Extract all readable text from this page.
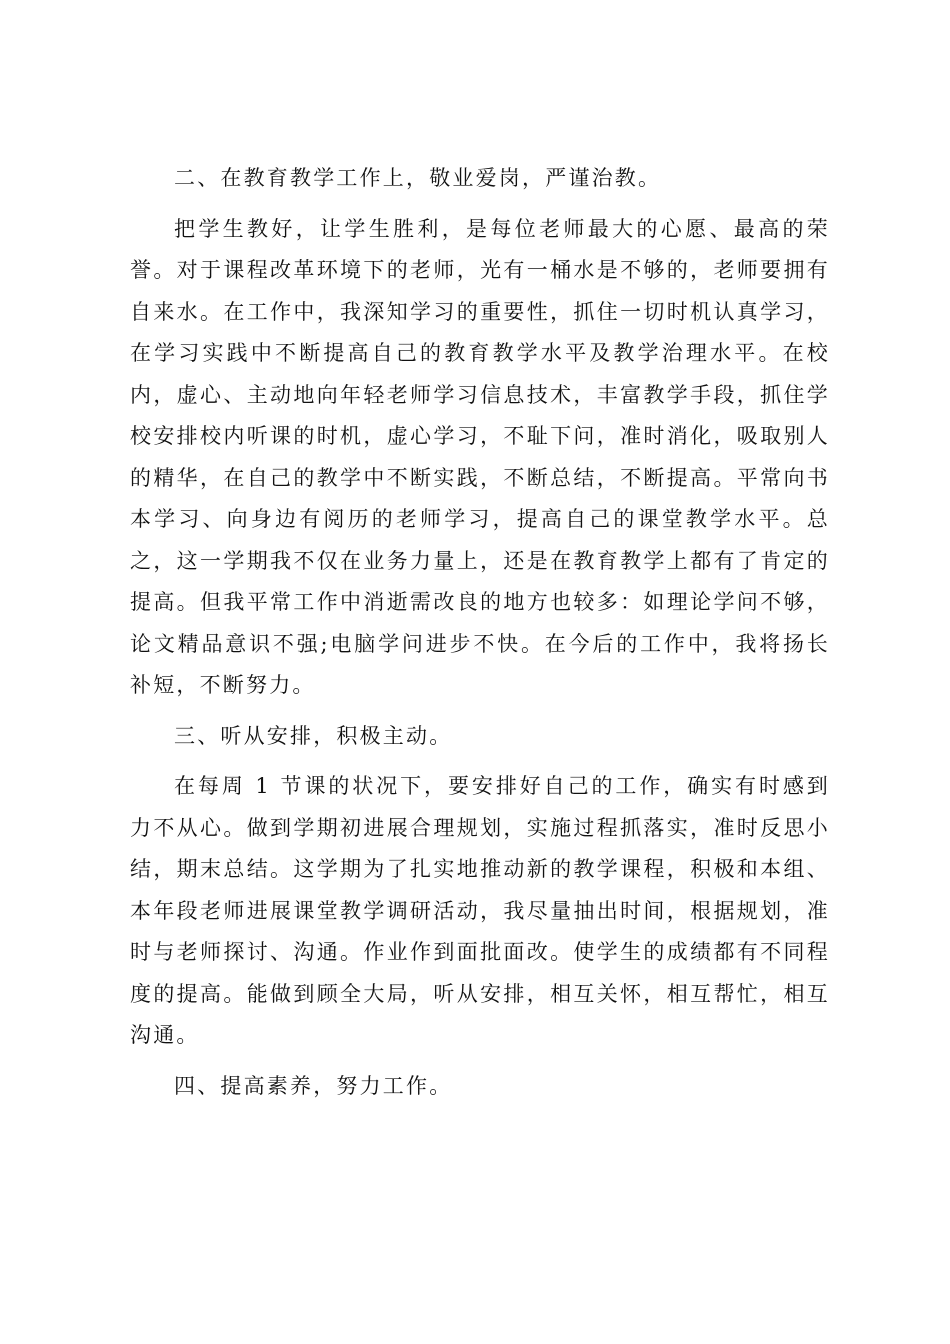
二、在教育教学工作上，敬业爱岗，严谨治教。

把学生教好，让学生胜利，是每位老师最大的心愿、最高的荣誉。对于课程改革环境下的老师，光有一桶水是不够的，老师要拥有自来水。在工作中，我深知学习的重要性，抓住一切时机认真学习，在学习实践中不断提高自己的教育教学水平及教学治理水平。在校内，虚心、主动地向年轻老师学习信息技术，丰富教学手段，抓住学校安排校内听课的时机，虚心学习，不耻下问，准时消化，吸取别人的精华，在自己的教学中不断实践，不断总结，不断提高。平常向书本学习、向身边有阅历的老师学习，提高自己的课堂教学水平。总之，这一学期我不仅在业务力量上，还是在教育教学上都有了肯定的提高。但我平常工作中消逝需改良的地方也较多：如理论学问不够，论文精品意识不强;电脑学问进步不快。在今后的工作中，我将扬长补短，不断努力。

三、听从安排，积极主动。

在每周 1 节课的状况下，要安排好自己的工作，确实有时感到力不从心。做到学期初进展合理规划，实施过程抓落实，准时反思小结，期末总结。这学期为了扎实地推动新的教学课程，积极和本组、本年段老师进展课堂教学调研活动，我尽量抽出时间，根据规划，准时与老师探讨、沟通。作业作到面批面改。使学生的成绩都有不同程度的提高。能做到顾全大局，听从安排，相互关怀，相互帮忙，相互沟通。

四、提高素养，努力工作。
